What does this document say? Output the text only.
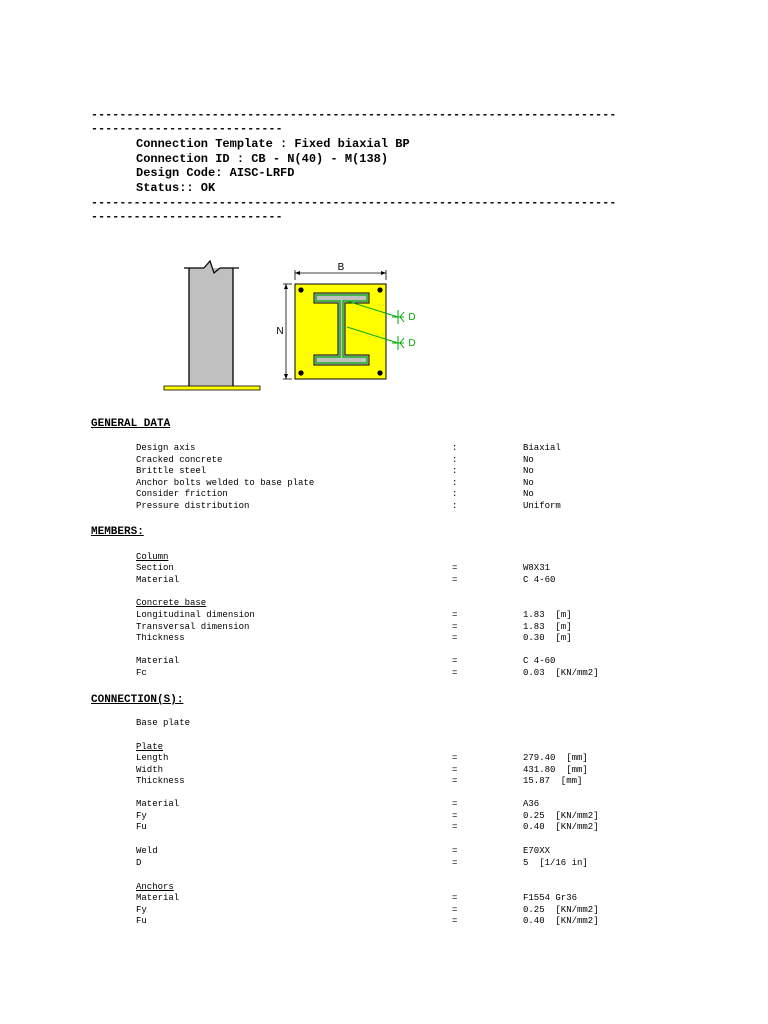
--------------------------------------------------------------------------
---------------------------
Connection Template : Fixed biaxial BP
Connection ID : CB - N(40) - M(138)
Design Code: AISC-LRFD
Status:: OK
--------------------------------------------------------------------------
---------------------------
B
N
D
D
GENERAL DATA
Design axis	:	Biaxial
Cracked concrete	:	No
Brittle steel	:	No
Anchor bolts welded to base plate	:	No
Consider friction	:	No
Pressure distribution	:	Uniform
MEMBERS:
Column
Section	=	W8X31
Material	=	C 4-60
Concrete base
Longitudinal dimension	=	1.83  [m]
Transversal dimension	=	1.83  [m]
Thickness	=	0.30  [m]
Material	=	C 4-60
Fc	=	0.03  [KN/mm2]
CONNECTION(S):
Base plate
Plate
Length	=	279.40  [mm]
Width	=	431.80  [mm]
Thickness	=	15.87  [mm]
Material	=	A36
Fy	=	0.25  [KN/mm2]
Fu	=	0.40  [KN/mm2]
Weld	=	E70XX
D	=	5  [1/16 in]
Anchors
Material	=	F1554 Gr36
Fy	=	0.25  [KN/mm2]
Fu	=	0.40  [KN/mm2]
